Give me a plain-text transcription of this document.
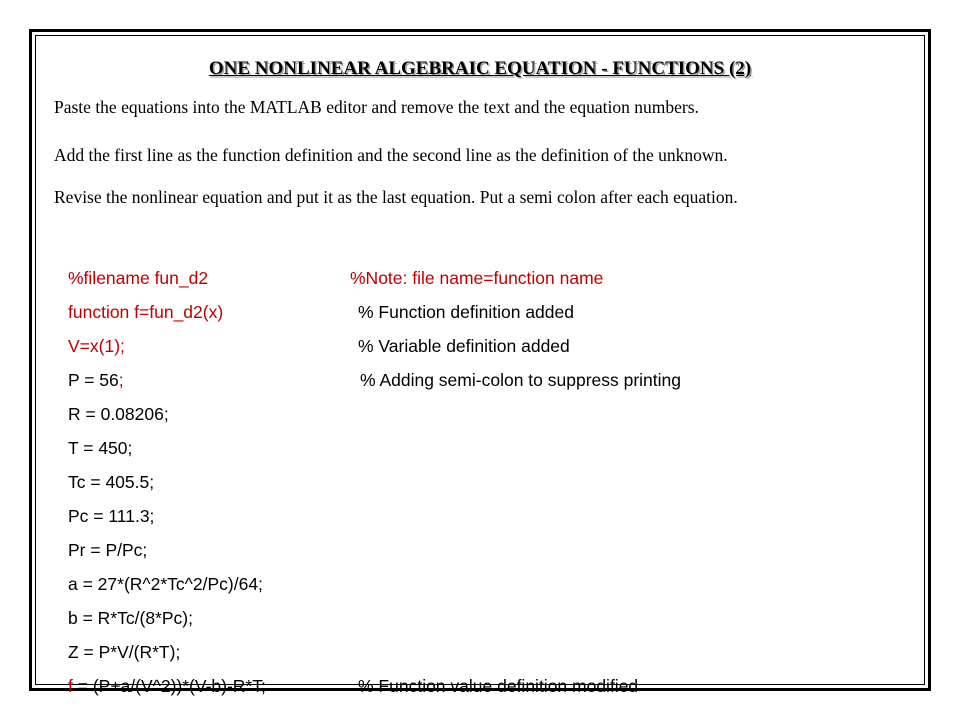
ONE NONLINEAR ALGEBRAIC EQUATION - FUNCTIONS (2)
Paste the equations into the MATLAB editor and remove the text and the equation numbers.
Add the first line as the function definition and the second line as the definition of the unknown.
Revise the nonlinear equation and put it as the last equation. Put a semi colon after each equation.
%filename fun_d2	%Note: file name=function name
function f=fun_d2(x)	% Function definition added
V=x(1);	% Variable definition added
P = 56;	% Adding semi-colon to suppress printing
R = 0.08206;
T = 450;
Tc = 405.5;
Pc = 111.3;
Pr = P/Pc;
a = 27*(R^2*Tc^2/Pc)/64;
b = R*Tc/(8*Pc);
Z = P*V/(R*T);
f = (P+a/(V^2))*(V-b)-R*T;	% Function value definition modified
